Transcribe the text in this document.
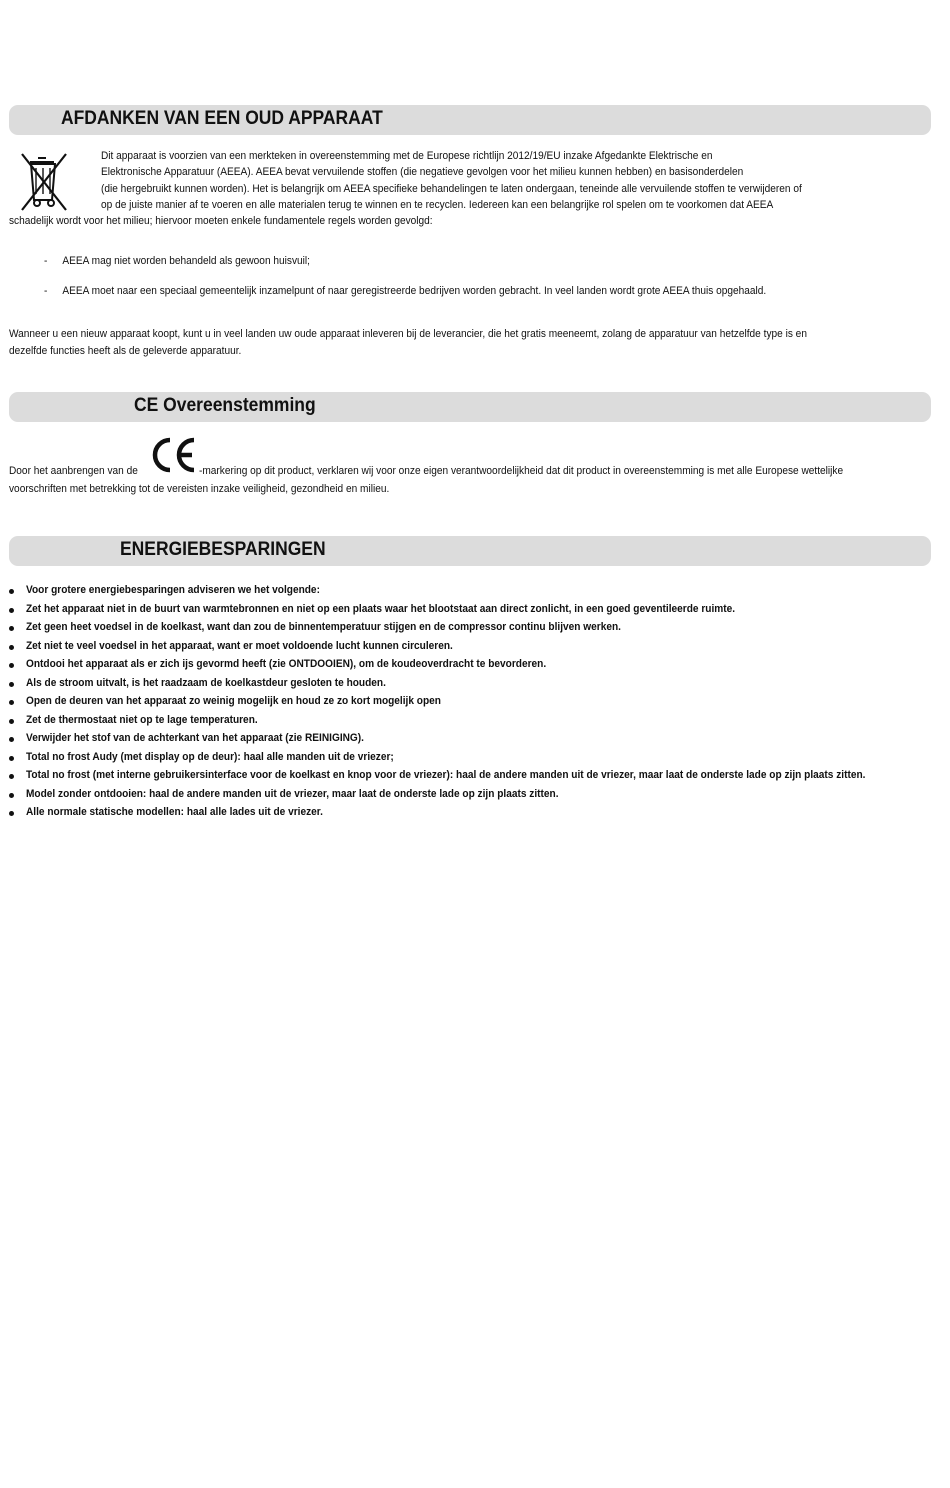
AFDANKEN VAN EEN OUD APPARAAT
Dit apparaat is voorzien van een merkteken in overeenstemming met de Europese richtlijn 2012/19/EU inzake Afgedankte Elektrische en
Elektronische Apparatuur (AEEA). AEEA bevat vervuilende stoffen (die negatieve gevolgen voor het milieu kunnen hebben) en basisonderdelen
(die hergebruikt kunnen worden). Het is belangrijk om AEEA specifieke behandelingen te laten ondergaan, teneinde alle vervuilende stoffen te verwijderen of
op de juiste manier af te voeren en alle materialen terug te winnen en te recyclen. Iedereen kan een belangrijke rol spelen om te voorkomen dat AEEA
schadelijk wordt voor het milieu; hiervoor moeten enkele fundamentele regels worden gevolgd:
- AEEA mag niet worden behandeld als gewoon huisvuil;
- AEEA moet naar een speciaal gemeentelijk inzamelpunt of naar geregistreerde bedrijven worden gebracht. In veel landen wordt grote AEEA thuis opgehaald.
Wanneer u een nieuw apparaat koopt, kunt u in veel landen uw oude apparaat inleveren bij de leverancier, die het gratis meeneemt, zolang de apparatuur van hetzelfde type is en
dezelfde functies heeft als de geleverde apparatuur.
CE Overeenstemming
Door het aanbrengen van de	-markering op dit product, verklaren wij voor onze eigen verantwoordelijkheid dat dit product in overeenstemming is met alle Europese wettelijke
voorschriften met betrekking tot de vereisten inzake veiligheid, gezondheid en milieu.
ENERGIEBESPARINGEN
Voor grotere energiebesparingen adviseren we het volgende:
Zet het apparaat niet in de buurt van warmtebronnen en niet op een plaats waar het blootstaat aan direct zonlicht, in een goed geventileerde ruimte.
Zet geen heet voedsel in de koelkast, want dan zou de binnentemperatuur stijgen en de compressor continu blijven werken.
Zet niet te veel voedsel in het apparaat, want er moet voldoende lucht kunnen circuleren.
Ontdooi het apparaat als er zich ijs gevormd heeft (zie ONTDOOIEN), om de koudeoverdracht te bevorderen.
Als de stroom uitvalt, is het raadzaam de koelkastdeur gesloten te houden.
Open de deuren van het apparaat zo weinig mogelijk en houd ze zo kort mogelijk open
Zet de thermostaat niet op te lage temperaturen.
Verwijder het stof van de achterkant van het apparaat (zie REINIGING).
Total no frost Audy (met display op de deur): haal alle manden uit de vriezer;
Total no frost (met interne gebruikersinterface voor de koelkast en knop voor de vriezer): haal de andere manden uit de vriezer, maar laat de onderste lade op zijn plaats zitten.
Model zonder ontdooien: haal de andere manden uit de vriezer, maar laat de onderste lade op zijn plaats zitten.
Alle normale statische modellen: haal alle lades uit de vriezer.
